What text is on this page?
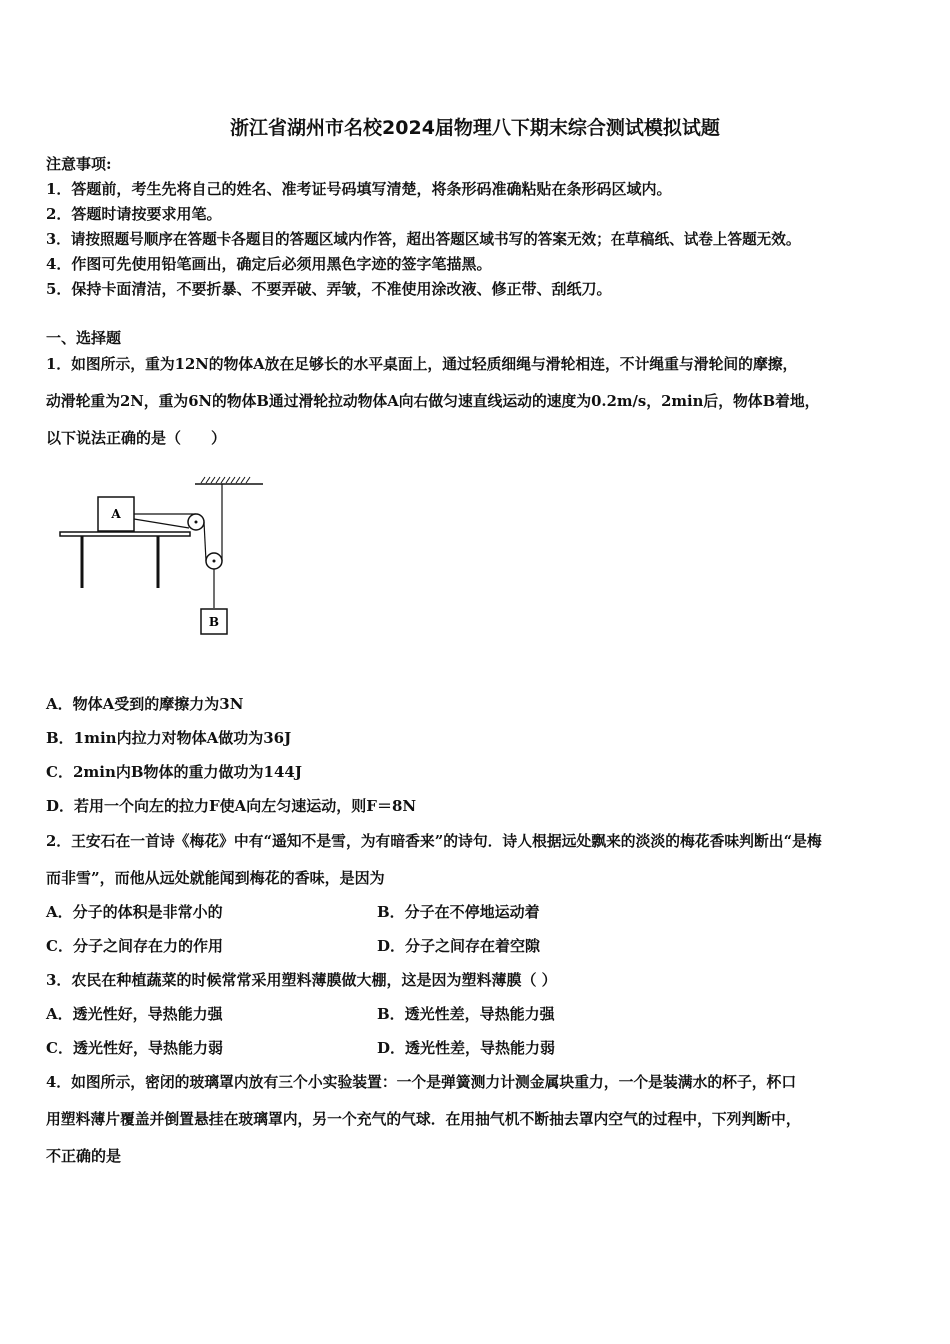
浙江省湖州市名校2024届物理八下期末综合测试模拟试题
注意事项:
1．答题前，考生先将自己的姓名、准考证号码填写清楚，将条形码准确粘贴在条形码区域内。
2．答题时请按要求用笔。
3．请按照题号顺序在答题卡各题目的答题区域内作答，超出答题区域书写的答案无效；在草稿纸、试卷上答题无效。
4．作图可先使用铅笔画出，确定后必须用黑色字迹的签字笔描黑。
5．保持卡面清洁，不要折暴、不要弄破、弄皱，不准使用涂改液、修正带、刮纸刀。
一、选择题
1．如图所示，重为12N的物体A放在足够长的水平桌面上，通过轻质细绳与滑轮相连，不计绳重与滑轮间的摩擦，
动滑轮重为2N，重为6N的物体B通过滑轮拉动物体A向右做匀速直线运动的速度为0.2m/s，2min后，物体B着地，
以下说法正确的是（　　）
A
B
A．物体A受到的摩擦力为3N
B．1min内拉力对物体A做功为36J
C．2min内B物体的重力做功为144J
D．若用一个向左的拉力F使A向左匀速运动，则F＝8N
2．王安石在一首诗《梅花》中有“遥知不是雪，为有暗香来”的诗句．诗人根据远处飘来的淡淡的梅花香味判断出“是梅
而非雪”，而他从远处就能闻到梅花的香味，是因为
A．分子的体积是非常小的	B．分子在不停地运动着
C．分子之间存在力的作用	D．分子之间存在着空隙
3．农民在种植蔬菜的时候常常采用塑料薄膜做大棚，这是因为塑料薄膜（ ）
A．透光性好，导热能力强	B．透光性差，导热能力强
C．透光性好，导热能力弱	D．透光性差，导热能力弱
4．如图所示，密闭的玻璃罩内放有三个小实验装置：一个是弹簧测力计测金属块重力，一个是装满水的杯子，杯口
用塑料薄片覆盖并倒置悬挂在玻璃罩内，另一个充气的气球．在用抽气机不断抽去罩内空气的过程中，下列判断中，
不正确的是
